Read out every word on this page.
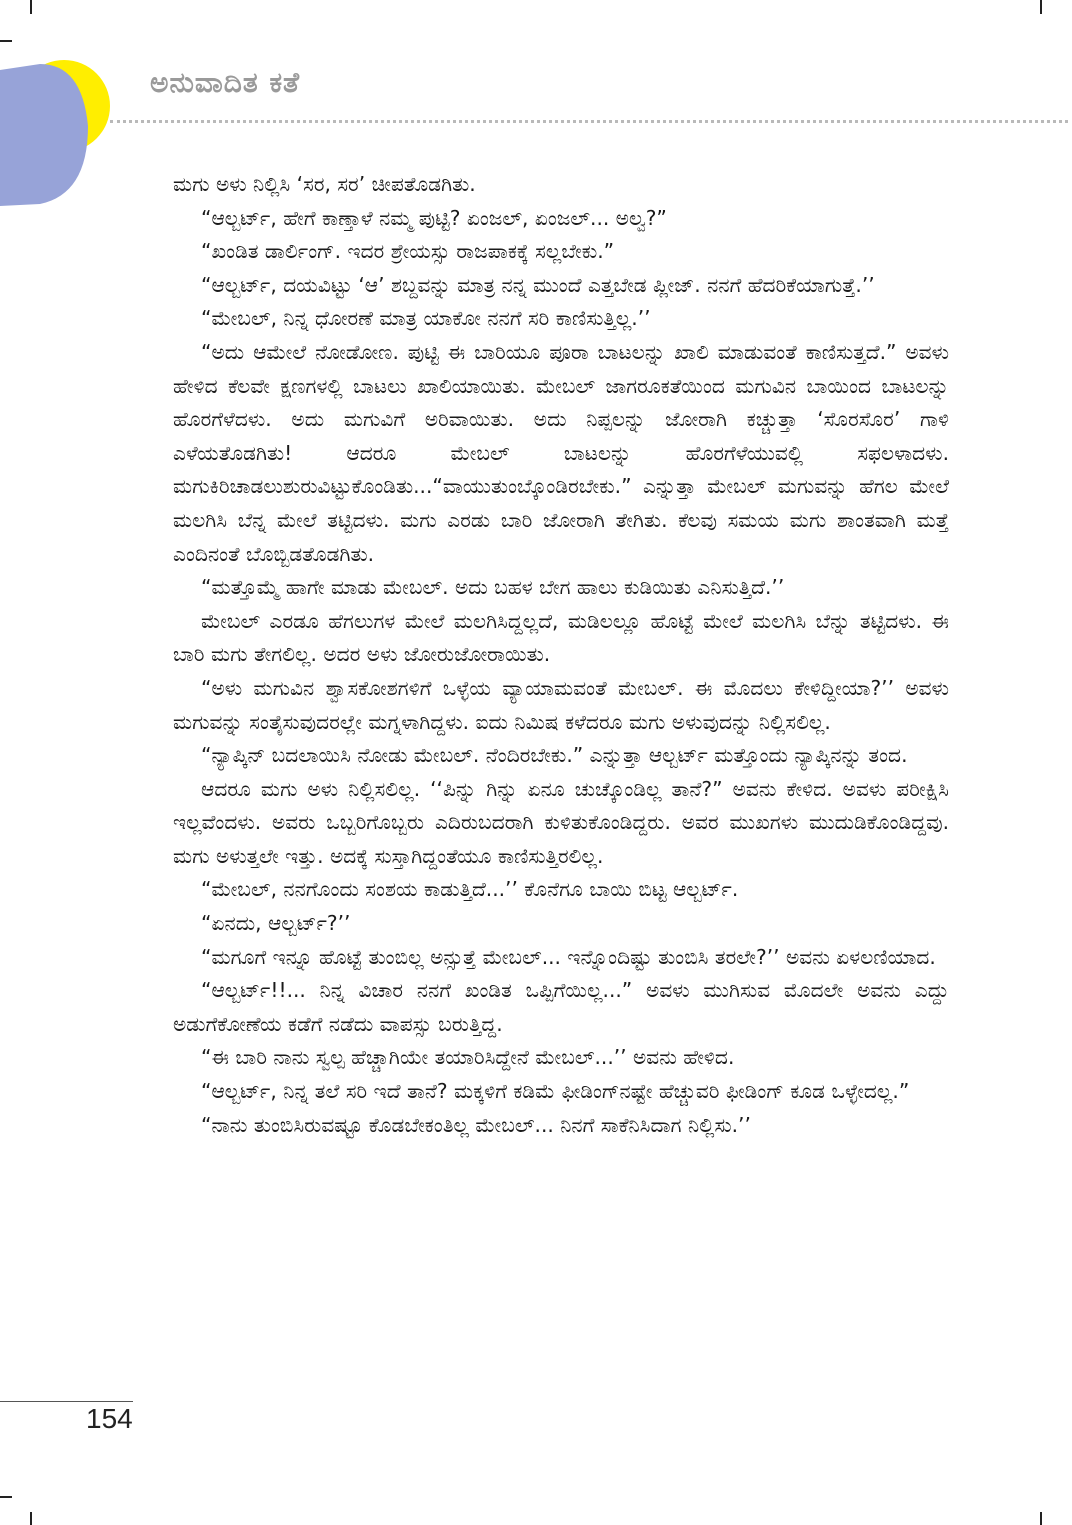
ಅನುವಾದಿತ ಕತೆ

ಮಗು ಅಳು ನಿಲ್ಲಿಸಿ ‘ಸರ, ಸರ’ ಚೀಪತೊಡಗಿತು.

“ಆಲ್ಬರ್ಟ್, ಹೇಗೆ ಕಾಣ್ತಾಳೆ ನಮ್ಮ ಪುಟ್ಟಿ? ಏಂಜಲ್, ಏಂಜಲ್... ಅಲ್ವ?”

“ಖಂಡಿತ ಡಾರ್ಲಿಂಗ್. ಇದರ ಶ್ರೇಯಸ್ಸು ರಾಜಪಾಕಕ್ಕೆ ಸಲ್ಲಬೇಕು.”

“ಆಲ್ಬರ್ಟ್, ದಯವಿಟ್ಟು ‘ಆ’ ಶಬ್ದವನ್ನು ಮಾತ್ರ ನನ್ನ ಮುಂದೆ ಎತ್ತಬೇಡ ಪ್ಲೀಜ್. ನನಗೆ ಹೆದರಿಕೆಯಾಗುತ್ತೆ.’’

“ಮೇಬಲ್, ನಿನ್ನ ಧೋರಣೆ ಮಾತ್ರ ಯಾಕೋ ನನಗೆ ಸರಿ ಕಾಣಿಸುತ್ತಿಲ್ಲ.’’

“ಅದು ಆಮೇಲೆ ನೋಡೋಣ. ಪುಟ್ಟಿ ಈ ಬಾರಿಯೂ ಪೂರಾ ಬಾಟಲನ್ನು ಖಾಲಿ ಮಾಡುವಂತೆ ಕಾಣಿಸುತ್ತದೆ.” ಅವಳು ಹೇಳಿದ ಕೆಲವೇ ಕ್ಷಣಗಳಲ್ಲಿ ಬಾಟಲು ಖಾಲಿಯಾಯಿತು. ಮೇಬಲ್ ಜಾಗರೂಕತೆಯಿಂದ ಮಗುವಿನ ಬಾಯಿಂದ ಬಾಟಲನ್ನು ಹೊರಗೆಳೆದಳು. ಅದು ಮಗುವಿಗೆ ಅರಿವಾಯಿತು. ಅದು ನಿಪ್ಪಲನ್ನು ಜೋರಾಗಿ ಕಚ್ಚುತ್ತಾ ‘ಸೊರಸೊರ’ ಗಾಳಿ ಎಳೆಯತೊಡಗಿತು! ಆದರೂ ಮೇಬಲ್ ಬಾಟಲನ್ನು ಹೊರಗೆಳೆಯುವಲ್ಲಿ ಸಫಲಳಾದಳು. ಮಗುಕಿರಿಚಾಡಲುಶುರುವಿಟ್ಟುಕೊಂಡಿತು...“ವಾಯುತುಂಬ್ಕೊಂಡಿರಬೇಕು.” ಎನ್ನುತ್ತಾ ಮೇಬಲ್ ಮಗುವನ್ನು ಹೆಗಲ ಮೇಲೆ ಮಲಗಿಸಿ ಬೆನ್ನ ಮೇಲೆ ತಟ್ಟಿದಳು. ಮಗು ಎರಡು ಬಾರಿ ಜೋರಾಗಿ ತೇಗಿತು. ಕೆಲವು ಸಮಯ ಮಗು ಶಾಂತವಾಗಿ ಮತ್ತೆ ಎಂದಿನಂತೆ ಬೊಬ್ಬಿಡತೊಡಗಿತು.

“ಮತ್ತೊಮ್ಮೆ ಹಾಗೇ ಮಾಡು ಮೇಬಲ್. ಅದು ಬಹಳ ಬೇಗ ಹಾಲು ಕುಡಿಯಿತು ಎನಿಸುತ್ತಿದೆ.’’

ಮೇಬಲ್ ಎರಡೂ ಹೆಗಲುಗಳ ಮೇಲೆ ಮಲಗಿಸಿದ್ದಲ್ಲದೆ, ಮಡಿಲಲ್ಲೂ ಹೊಟ್ಟೆ ಮೇಲೆ ಮಲಗಿಸಿ ಬೆನ್ನು ತಟ್ಟಿದಳು. ಈ ಬಾರಿ ಮಗು ತೇಗಲಿಲ್ಲ. ಅದರ ಅಳು ಜೋರುಜೋರಾಯಿತು.

“ಅಳು ಮಗುವಿನ ಶ್ವಾಸಕೋಶಗಳಿಗೆ ಒಳ್ಳೆಯ ವ್ಯಾಯಾಮವಂತೆ ಮೇಬಲ್. ಈ ಮೊದಲು ಕೇಳಿದ್ದೀಯಾ?’’ ಅವಳು ಮಗುವನ್ನು ಸಂತೈಸುವುದರಲ್ಲೇ ಮಗ್ನಳಾಗಿದ್ದಳು. ಐದು ನಿಮಿಷ ಕಳೆದರೂ ಮಗು ಅಳುವುದನ್ನು ನಿಲ್ಲಿಸಲಿಲ್ಲ.

“ನ್ಯಾಪ್ಕಿನ್ ಬದಲಾಯಿಸಿ ನೋಡು ಮೇಬಲ್. ನೆಂದಿರಬೇಕು.” ಎನ್ನುತ್ತಾ ಆಲ್ಬರ್ಟ್ ಮತ್ತೊಂದು ನ್ಯಾಪ್ಕಿನನ್ನು ತಂದ.

ಆದರೂ ಮಗು ಅಳು ನಿಲ್ಲಿಸಲಿಲ್ಲ. ‘‘ಪಿನ್ನು ಗಿನ್ನು ಏನೂ ಚುಚ್ಕೊಂಡಿಲ್ಲ ತಾನೆ?” ಅವನು ಕೇಳಿದ. ಅವಳು ಪರೀಕ್ಷಿಸಿ ಇಲ್ಲವೆಂದಳು. ಅವರು ಒಬ್ಬರಿಗೊಬ್ಬರು ಎದಿರುಬದರಾಗಿ ಕುಳಿತುಕೊಂಡಿದ್ದರು. ಅವರ ಮುಖಗಳು ಮುದುಡಿಕೊಂಡಿದ್ದವು. ಮಗು ಅಳುತ್ತಲೇ ಇತ್ತು. ಅದಕ್ಕೆ ಸುಸ್ತಾಗಿದ್ದಂತೆಯೂ ಕಾಣಿಸುತ್ತಿರಲಿಲ್ಲ.

“ಮೇಬಲ್, ನನಗೊಂದು ಸಂಶಯ ಕಾಡುತ್ತಿದೆ...’’ ಕೊನೆಗೂ ಬಾಯಿ ಬಿಟ್ಟ ಆಲ್ಬರ್ಟ್.

“ಏನದು, ಆಲ್ಬರ್ಟ್?’’

“ಮಗೂಗೆ ಇನ್ನೂ ಹೊಟ್ಟೆ ತುಂಬಿಲ್ಲ ಅನ್ಸುತ್ತೆ ಮೇಬಲ್... ಇನ್ನೊಂದಿಷ್ಟು ತುಂಬಿಸಿ ತರಲೇ?’’ ಅವನು ಏಳಲಣಿಯಾದ.

“ಆಲ್ಬರ್ಟ್!!... ನಿನ್ನ ವಿಚಾರ ನನಗೆ ಖಂಡಿತ ಒಪ್ಪಿಗೆಯಿಲ್ಲ...” ಅವಳು ಮುಗಿಸುವ ಮೊದಲೇ ಅವನು ಎದ್ದು ಅಡುಗೆಕೋಣೆಯ ಕಡೆಗೆ ನಡೆದು ವಾಪಸ್ಸು ಬರುತ್ತಿದ್ದ.

“ಈ ಬಾರಿ ನಾನು ಸ್ವಲ್ಪ ಹೆಚ್ಚಾಗಿಯೇ ತಯಾರಿಸಿದ್ದೇನೆ ಮೇಬಲ್...’’ ಅವನು ಹೇಳಿದ.

“ಆಲ್ಬರ್ಟ್, ನಿನ್ನ ತಲೆ ಸರಿ ಇದೆ ತಾನೆ? ಮಕ್ಕಳಿಗೆ ಕಡಿಮೆ ಫೀಡಿಂಗ್‌ನಷ್ಟೇ ಹೆಚ್ಚುವರಿ ಫೀಡಿಂಗ್ ಕೂಡ ಒಳ್ಳೇದಲ್ಲ.”

“ನಾನು ತುಂಬಿಸಿರುವಷ್ಟೂ ಕೊಡಬೇಕಂತಿಲ್ಲ ಮೇಬಲ್... ನಿನಗೆ ಸಾಕೆನಿಸಿದಾಗ ನಿಲ್ಲಿಸು.’’

154
